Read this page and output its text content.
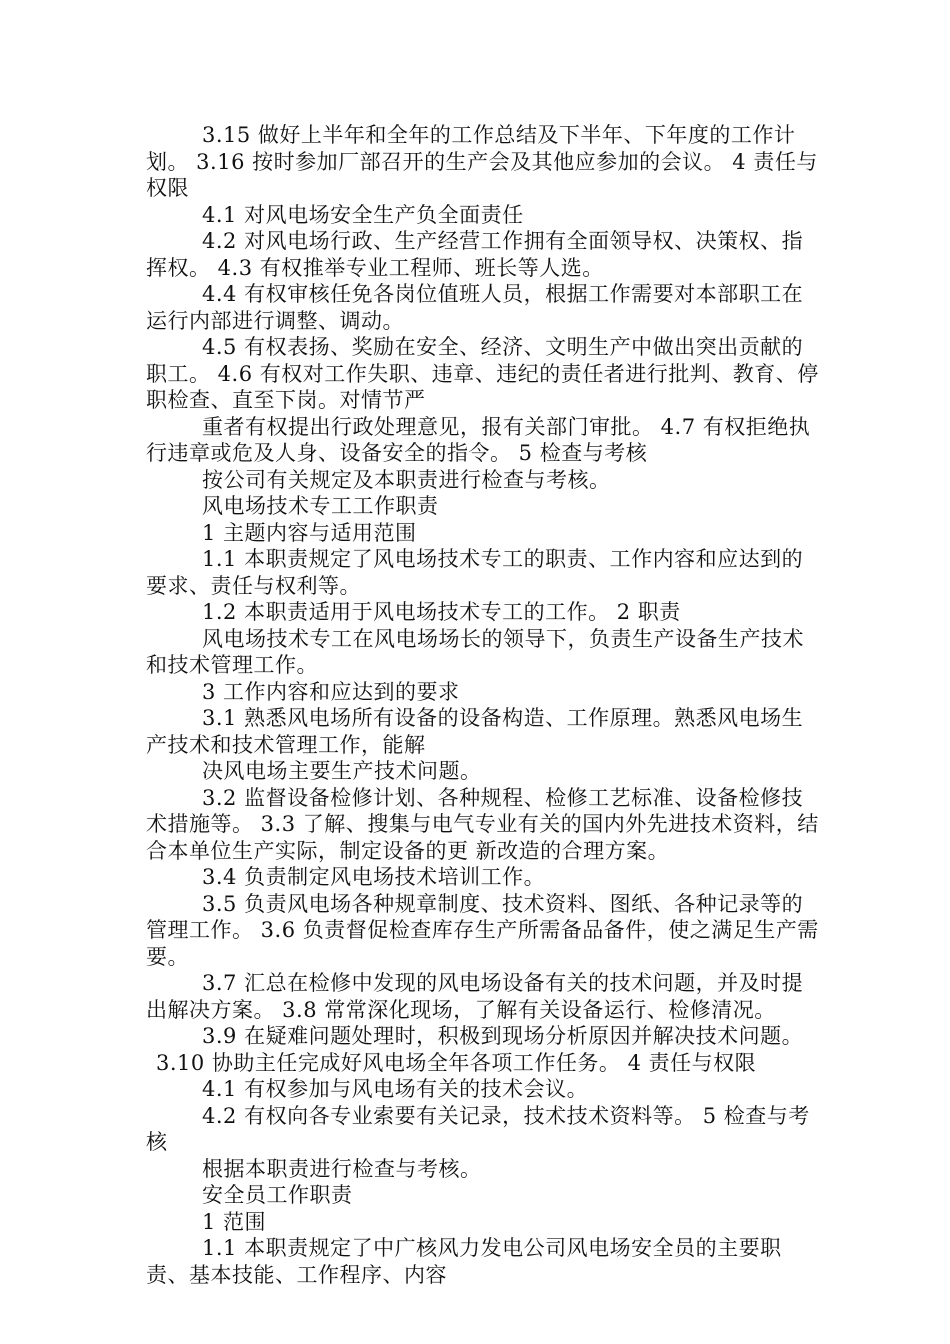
3.15 做好上半年和全年的工作总结及下半年、下年度的工作计划。 3.16 按时参加厂部召开的生产会及其他应参加的会议。 4 责任与权限

4.1 对风电场安全生产负全面责任

4.2 对风电场行政、生产经营工作拥有全面领导权、决策权、指挥权。 4.3 有权推举专业工程师、班长等人选。

4.4 有权审核任免各岗位值班人员，根据工作需要对本部职工在运行内部进行调整、调动。

4.5 有权表扬、奖励在安全、经济、文明生产中做出突出贡献的职工。 4.6 有权对工作失职、违章、违纪的责任者进行批判、教育、停职检查、直至下岗。对情节严

重者有权提出行政处理意见，报有关部门审批。 4.7 有权拒绝执行违章或危及人身、设备安全的指令。 5 检查与考核

按公司有关规定及本职责进行检查与考核。

风电场技术专工工作职责

1 主题内容与适用范围

1.1 本职责规定了风电场技术专工的职责、工作内容和应达到的要求、责任与权利等。

1.2 本职责适用于风电场技术专工的工作。 2 职责

风电场技术专工在风电场场长的领导下，负责生产设备生产技术和技术管理工作。

3 工作内容和应达到的要求

3.1 熟悉风电场所有设备的设备构造、工作原理。熟悉风电场生产技术和技术管理工作，能解

决风电场主要生产技术问题。

3.2 监督设备检修计划、各种规程、检修工艺标准、设备检修技术措施等。 3.3 了解、搜集与电气专业有关的国内外先进技术资料，结合本单位生产实际，制定设备的更 新改造的合理方案。

3.4 负责制定风电场技术培训工作。

3.5 负责风电场各种规章制度、技术资料、图纸、各种记录等的管理工作。 3.6 负责督促检查库存生产所需备品备件，使之满足生产需要。

3.7 汇总在检修中发现的风电场设备有关的技术问题，并及时提出解决方案。 3.8 常常深化现场，了解有关设备运行、检修清况。

3.9 在疑难问题处理时，积极到现场分析原因并解决技术问题。

3.10 协助主任完成好风电场全年各项工作任务。 4 责任与权限

4.1 有权参加与风电场有关的技术会议。

4.2 有权向各专业索要有关记录，技术技术资料等。 5 检查与考核

根据本职责进行检查与考核。

安全员工作职责

1 范围

1.1 本职责规定了中广核风力发电公司风电场安全员的主要职责、基本技能、工作程序、内容
